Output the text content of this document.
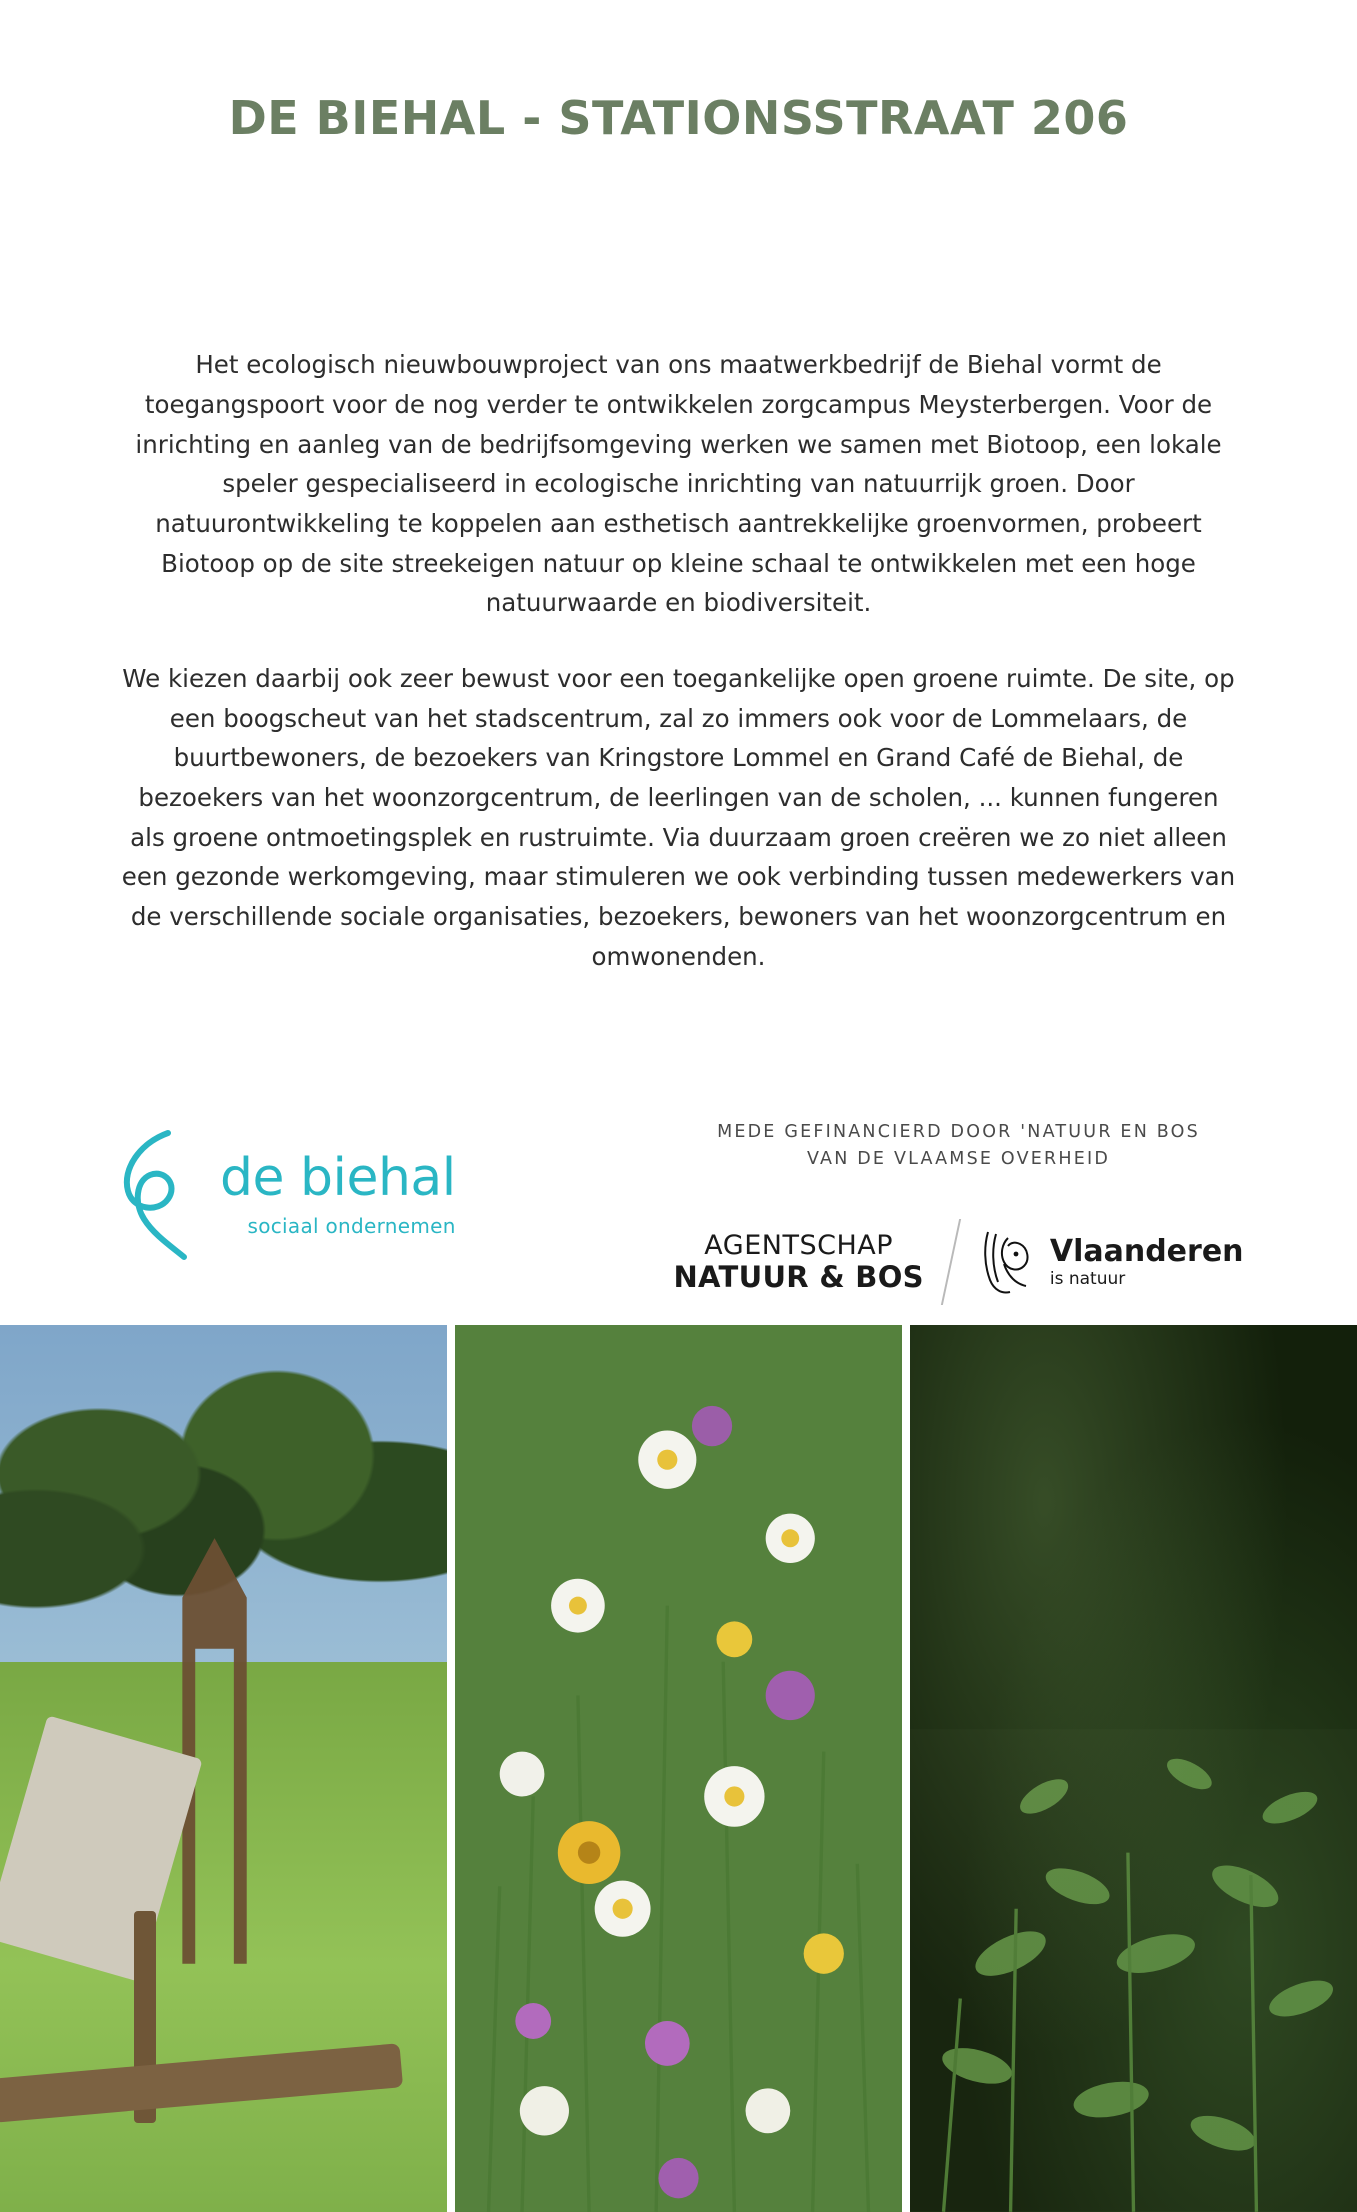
DE BIEHAL - STATIONSSTRAAT 206

Het ecologisch nieuwbouwproject van ons maatwerkbedrijf de Biehal vormt de toegangspoort voor de nog verder te ontwikkelen zorgcampus Meysterbergen. Voor de inrichting en aanleg van de bedrijfsomgeving werken we samen met Biotoop, een lokale speler gespecialiseerd in ecologische inrichting van natuurrijk groen. Door natuurontwikkeling te koppelen aan esthetisch aantrekkelijke groenvormen, probeert Biotoop op de site streekeigen natuur op kleine schaal te ontwikkelen met een hoge natuurwaarde en biodiversiteit.

We kiezen daarbij ook zeer bewust voor een toegankelijke open groene ruimte. De site, op een boogscheut van het stadscentrum, zal zo immers ook voor de Lommelaars, de buurtbewoners, de bezoekers van Kringstore Lommel en Grand Café de Biehal, de bezoekers van het woonzorgcentrum, de leerlingen van de scholen, ... kunnen fungeren als groene ontmoetingsplek en rustruimte. Via duurzaam groen creëren we zo niet alleen een gezonde werkomgeving, maar stimuleren we ook verbinding tussen medewerkers van de verschillende sociale organisaties, bezoekers, bewoners van het woonzorgcentrum en omwonenden.

de biehal
sociaal ondernemen
MEDE GEFINANCIERD DOOR 'NATUUR EN BOS
VAN DE VLAAMSE OVERHEID
AGENTSCHAP
NATUUR & BOS
Vlaanderen
is natuur
